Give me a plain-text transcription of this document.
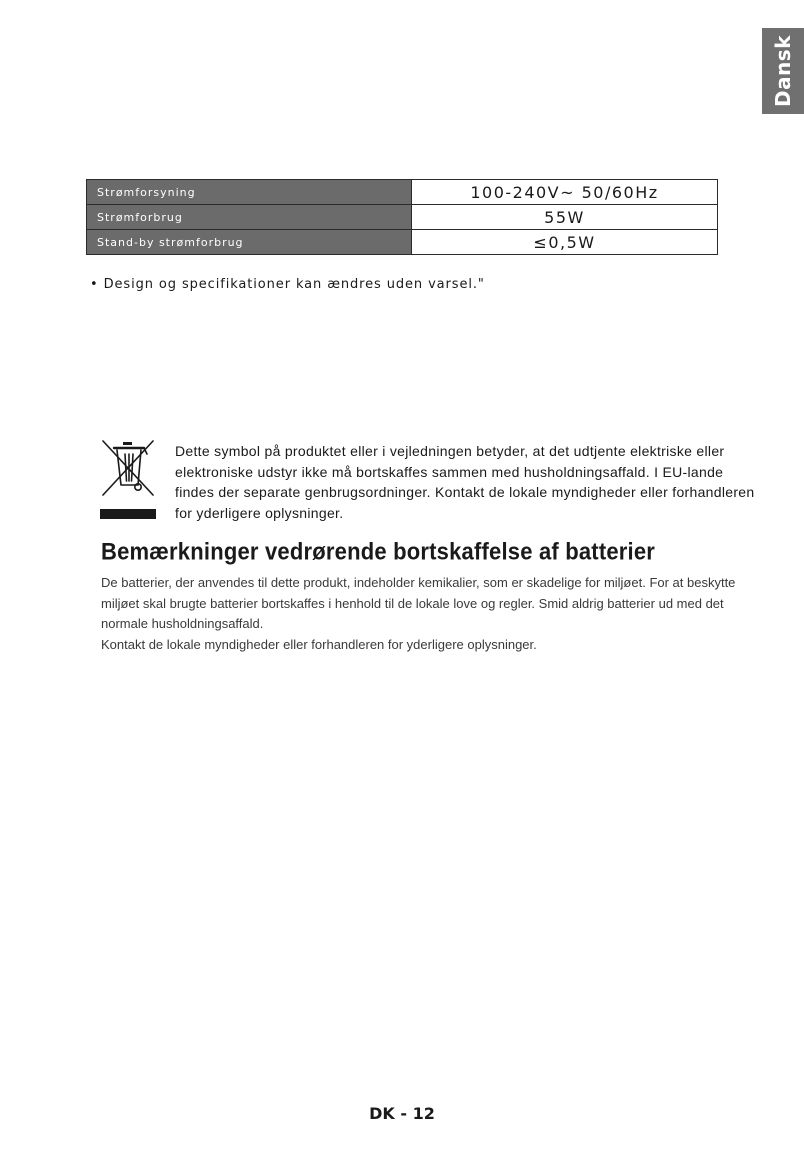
Dansk
Strømforsyning	100-240V~ 50/60Hz
Strømforbrug	55W
Stand-by strømforbrug	≤0,5W

• Design og specifikationer kan ændres uden varsel."

Dette symbol på produktet eller i vejledningen betyder, at det udtjente elektriske eller elektroniske udstyr ikke må bortskaffes sammen med husholdningsaffald. I EU-lande findes der separate genbrugsordninger. Kontakt de lokale myndigheder eller forhandleren for yderligere oplysninger.

Bemærkninger vedrørende bortskaffelse af batterier
De batterier, der anvendes til dette produkt, indeholder kemikalier, som er skadelige for miljøet. For at beskytte miljøet skal brugte batterier bortskaffes i henhold til de lokale love og regler. Smid aldrig batterier ud med det normale husholdningsaffald.
Kontakt de lokale myndigheder eller forhandleren for yderligere oplysninger.

DK - 12
